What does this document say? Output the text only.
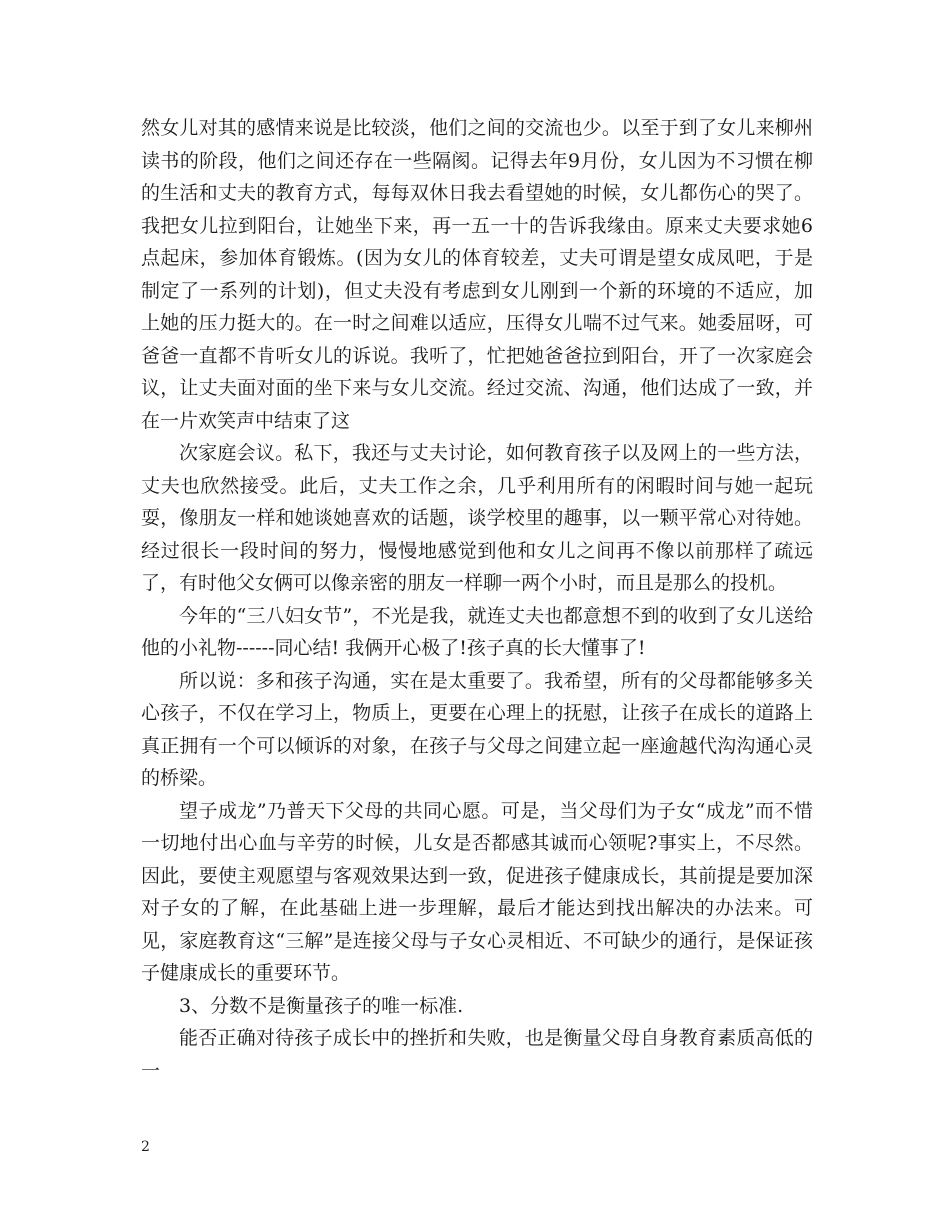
然女儿对其的感情来说是比较淡，他们之间的交流也少。以至于到了女儿来柳州读书的阶段，他们之间还存在一些隔阂。记得去年9月份，女儿因为不习惯在柳的生活和丈夫的教育方式，每每双休日我去看望她的时候，女儿都伤心的哭了。我把女儿拉到阳台，让她坐下来，再一五一十的告诉我缘由。原来丈夫要求她6点起床，参加体育锻炼。(因为女儿的体育较差，丈夫可谓是望女成凤吧，于是制定了一系列的计划)，但丈夫没有考虑到女儿刚到一个新的环境的不适应，加上她的压力挺大的。在一时之间难以适应，压得女儿喘不过气来。她委屈呀，可爸爸一直都不肯听女儿的诉说。我听了，忙把她爸爸拉到阳台，开了一次家庭会议，让丈夫面对面的坐下来与女儿交流。经过交流、沟通，他们达成了一致，并在一片欢笑声中结束了这

次家庭会议。私下，我还与丈夫讨论，如何教育孩子以及网上的一些方法，丈夫也欣然接受。此后，丈夫工作之余，几乎利用所有的闲暇时间与她一起玩耍，像朋友一样和她谈她喜欢的话题，谈学校里的趣事，以一颗平常心对待她。经过很长一段时间的努力，慢慢地感觉到他和女儿之间再不像以前那样了疏远了，有时他父女俩可以像亲密的朋友一样聊一两个小时，而且是那么的投机。

今年的“三八妇女节”，不光是我，就连丈夫也都意想不到的收到了女儿送给他的小礼物------同心结! 我俩开心极了!孩子真的长大懂事了!

所以说：多和孩子沟通，实在是太重要了。我希望，所有的父母都能够多关心孩子，不仅在学习上，物质上，更要在心理上的抚慰，让孩子在成长的道路上真正拥有一个可以倾诉的对象，在孩子与父母之间建立起一座逾越代沟沟通心灵的桥梁。

望子成龙”乃普天下父母的共同心愿。可是，当父母们为子女“成龙”而不惜一切地付出心血与辛劳的时候，儿女是否都感其诚而心领呢?事实上，不尽然。因此，要使主观愿望与客观效果达到一致，促进孩子健康成长，其前提是要加深对子女的了解，在此基础上进一步理解，最后才能达到找出解决的办法来。可见，家庭教育这“三解”是连接父母与子女心灵相近、不可缺少的通行，是保证孩子健康成长的重要环节。

3、分数不是衡量孩子的唯一标准.

能否正确对待孩子成长中的挫折和失败，也是衡量父母自身教育素质高低的一

2
